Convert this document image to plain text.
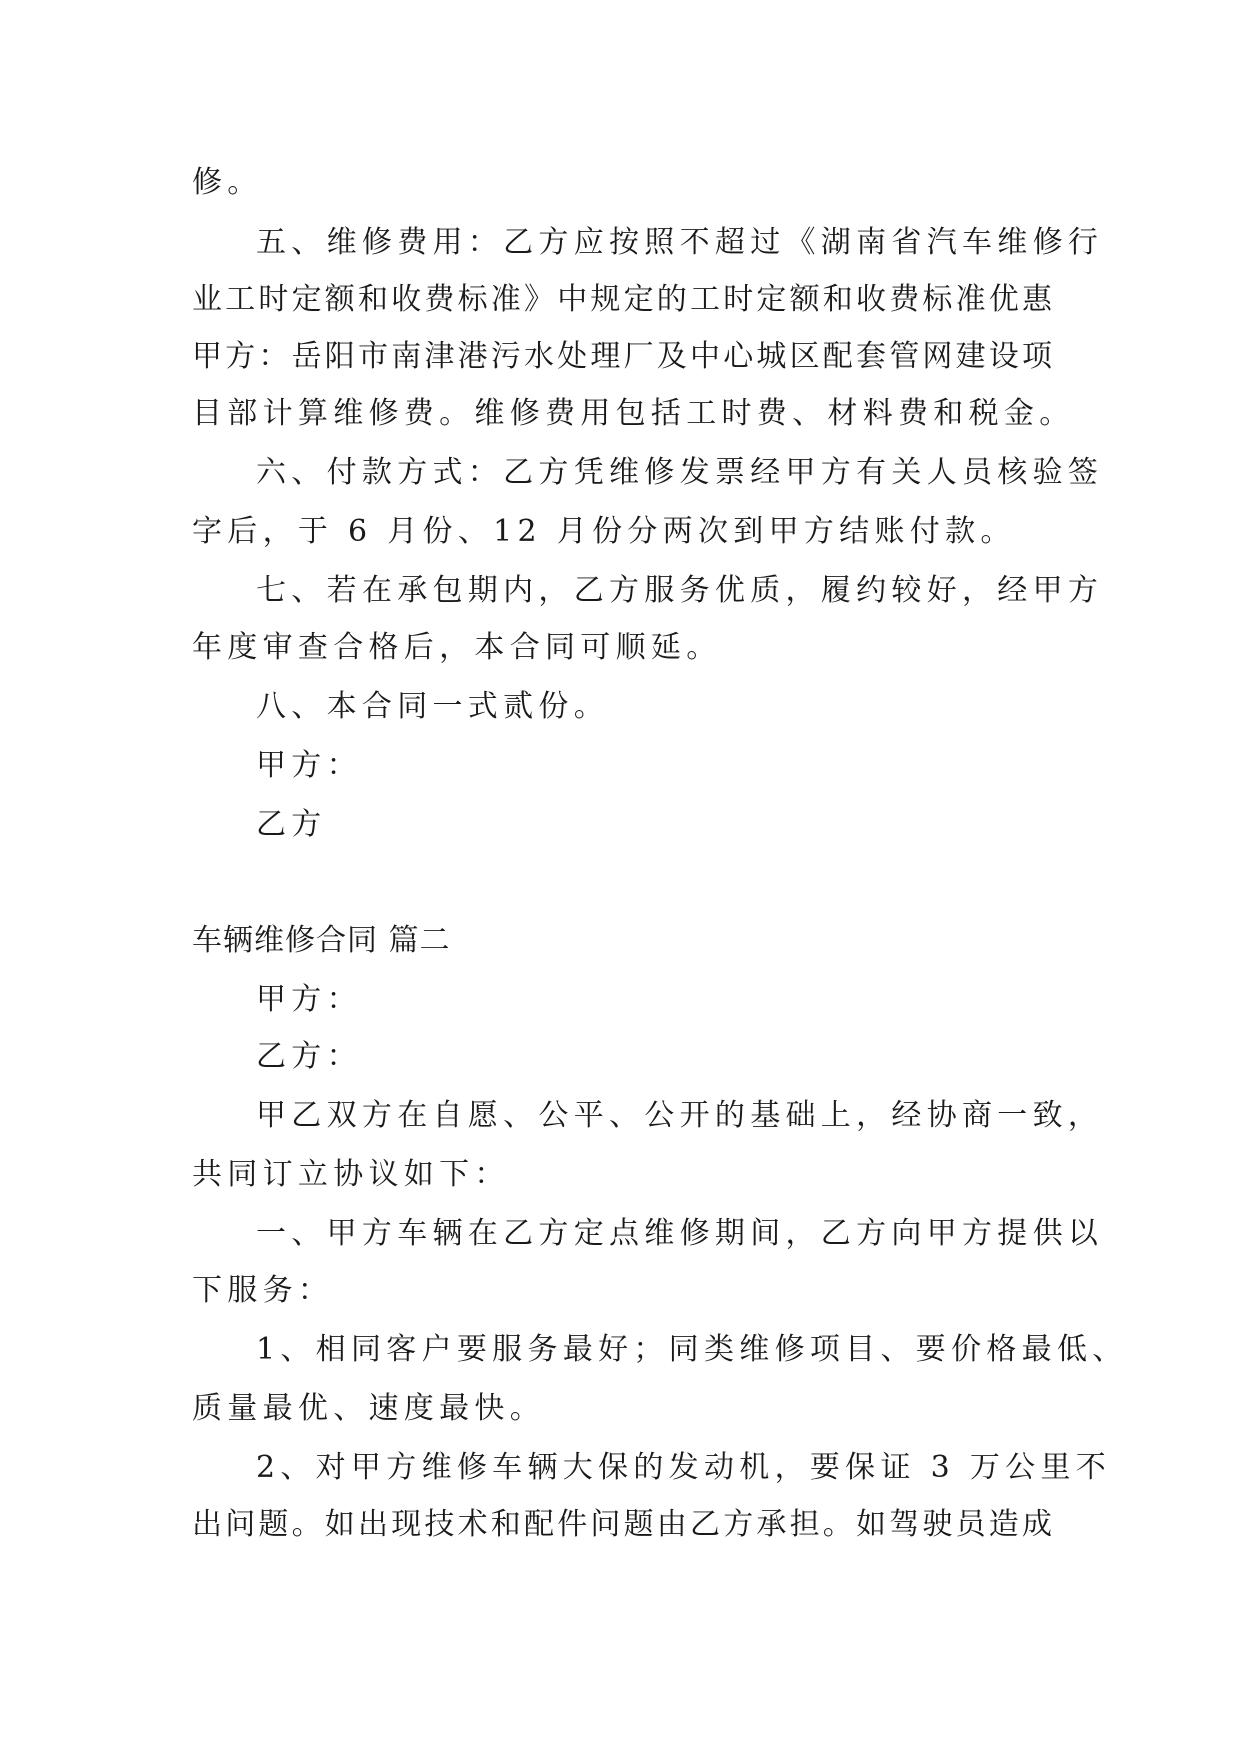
修。
五、维修费用：乙方应按照不超过《湖南省汽车维修行
业工时定额和收费标准》中规定的工时定额和收费标准优惠
甲方：岳阳市南津港污水处理厂及中心城区配套管网建设项
目部计算维修费。维修费用包括工时费、材料费和税金。
六、付款方式：乙方凭维修发票经甲方有关人员核验签
字后，于 6 月份、12 月份分两次到甲方结账付款。
七、若在承包期内，乙方服务优质，履约较好，经甲方
年度审查合格后，本合同可顺延。
八、本合同一式贰份。
甲方：
乙方
车辆维修合同 篇二
甲方：
乙方：
甲乙双方在自愿、公平、公开的基础上，经协商一致，
共同订立协议如下：
一、甲方车辆在乙方定点维修期间，乙方向甲方提供以
下服务：
1、相同客户要服务最好；同类维修项目、要价格最低、
质量最优、速度最快。
2、对甲方维修车辆大保的发动机，要保证 3 万公里不
出问题。如出现技术和配件问题由乙方承担。如驾驶员造成
